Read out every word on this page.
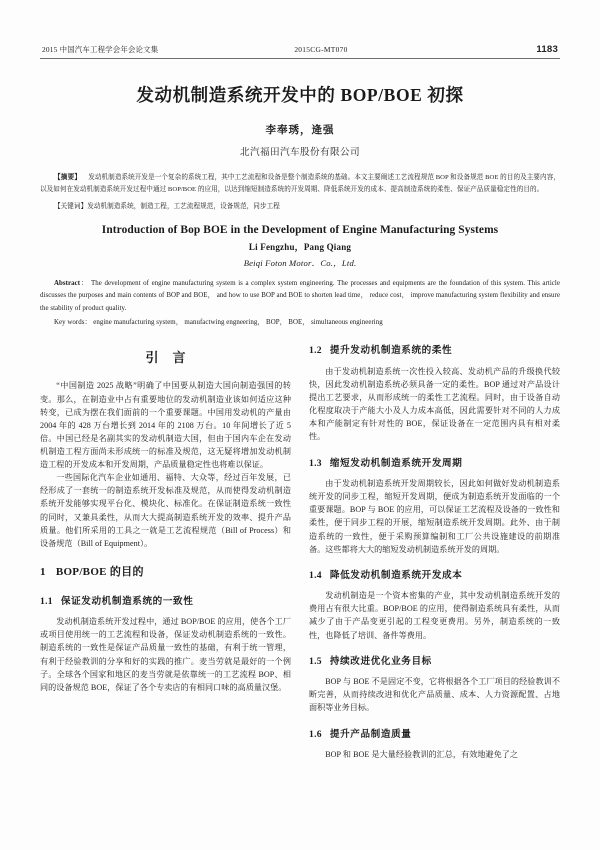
2015 中国汽车工程学会年会论文集	2015CG-MT070	1183
发动机制造系统开发中的 BOP/BOE 初探
李奉琇，逄强
北汽福田汽车股份有限公司
【摘要】 发动机制造系统开发是一个复杂的系统工程，其中工艺流程和设备是整个制造系统的基础。本文主要阐述工艺流程规范 BOP 和设备规范 BOE 的目的及主要内容，以及如何在发动机制造系统开发过程中通过 BOP/BOE 的应用，以达到缩短制造系统的开发周期、降低系统开发的成本、提高制造系统的柔性、保证产品质量稳定性的目的。
【关键词】发动机制造系统，制造工程，工艺流程规范，设备规范，同步工程
Introduction of Bop BOE in the Development of Engine Manufacturing Systems
Li Fengzhu，Pang Qiang
Beiqi Foton Motor．Co.，Ltd.
Abstract： The development of engine manufacturing system is a complex system engineering. The processes and equipments are the foundation of this system. This article discusses the purposes and main contents of BOP and BOE， and how to use BOP and BOE to shorten lead time， reduce cost， improve manufacturing system flexibility and ensure the stability of product quality.
Key words： engine manufacturing system， manufactwing engneering， BOP， BOE， simultaneous engineering
引言

“中国制造 2025 战略”明确了中国要从制造大国向制造强国的转变。那么，在制造业中占有重要地位的发动机制造业该如何适应这种转变，已成为摆在我们面前的一个重要课题。中国用发动机的产量由 2004 年的 428 万台增长到 2014 年的 2108 万台。10 年间增长了近 5 倍。中国已经是名副其实的发动机制造大国，但由于国内车企在发动机制造工程方面尚未形成统一的标准及规范，这无疑将增加发动机制造工程的开发成本和开发周期，产品质量稳定性也将难以保证。

一些国际化汽车企业如通用、福特、大众等，经过百年发展，已经形成了一套统一的制造系统开发标准及规范，从而使得发动机制造系统开发能够实现平台化、模块化、标准化。在保证制造系统一致性的同时，又兼具柔性，从而大大提高制造系统开发的效率、提升产品质量。他们所采用的工具之一就是工艺流程规范（Bill of Process）和设备规范（Bill of Equipment）。

1 BOP/BOE 的目的
1.1 保证发动机制造系统的一致性

发动机制造系统开发过程中，通过 BOP/BOE 的应用，使各个工厂或项目使用统一的工艺流程和设备，保证发动机制造系统的一致性。制造系统的一致性是保证产品质量一致性的基础，有利于统一管理，有利于经验教训的分享和好的实践的推广。麦当劳就是最好的一个例子。全球各个国家和地区的麦当劳就是依靠统一的工艺流程 BOP、相同的设备规范 BOE，保证了各个专卖店的有相同口味的高质量汉堡。

1.2 提升发动机制造系统的柔性

由于发动机制造系统一次性投入较高、发动机产品的升级换代较快，因此发动机制造系统必须具备一定的柔性。BOP 通过对产品设计提出工艺要求，从而形成统一的柔性工艺流程。同时，由于设备自动化程度取决于产能大小及人力成本高低，因此需要针对不同的人力成本和产能制定有针对性的 BOE，保证设备在一定范围内具有相对柔性。

1.3 缩短发动机制造系统开发周期

由于发动机制造系统开发周期较长，因此如何做好发动机制造系统开发的同步工程，缩短开发周期，便成为制造系统开发面临的一个重要课题。BOP 与 BOE 的应用，可以保证工艺流程及设备的一致性和柔性，便于同步工程的开展，缩短制造系统开发周期。此外、由于制造系统的一致性，便于采购预算编制和工厂公共设施建设的前期准备。这些都将大大的缩短发动机制造系统开发的周期。

1.4 降低发动机制造系统开发成本

发动机制造是一个资本密集的产业，其中发动机制造系统开发的费用占有很大比重。BOP/BOE 的应用，使得制造系统具有柔性，从而减少了由于产品变更引起的工程变更费用。另外，制造系统的一致性，也降低了培训、备件等费用。

1.5 持续改进优化业务目标

BOP 与 BOE 不是固定不变，它将根据各个工厂项目的经验教训不断完善，从而持续改进和优化产品质量、成本、人力资源配置、占地面积等业务目标。

1.6 提升产品制造质量

BOP 和 BOE 是大量经验教训的汇总，有效地避免了之
